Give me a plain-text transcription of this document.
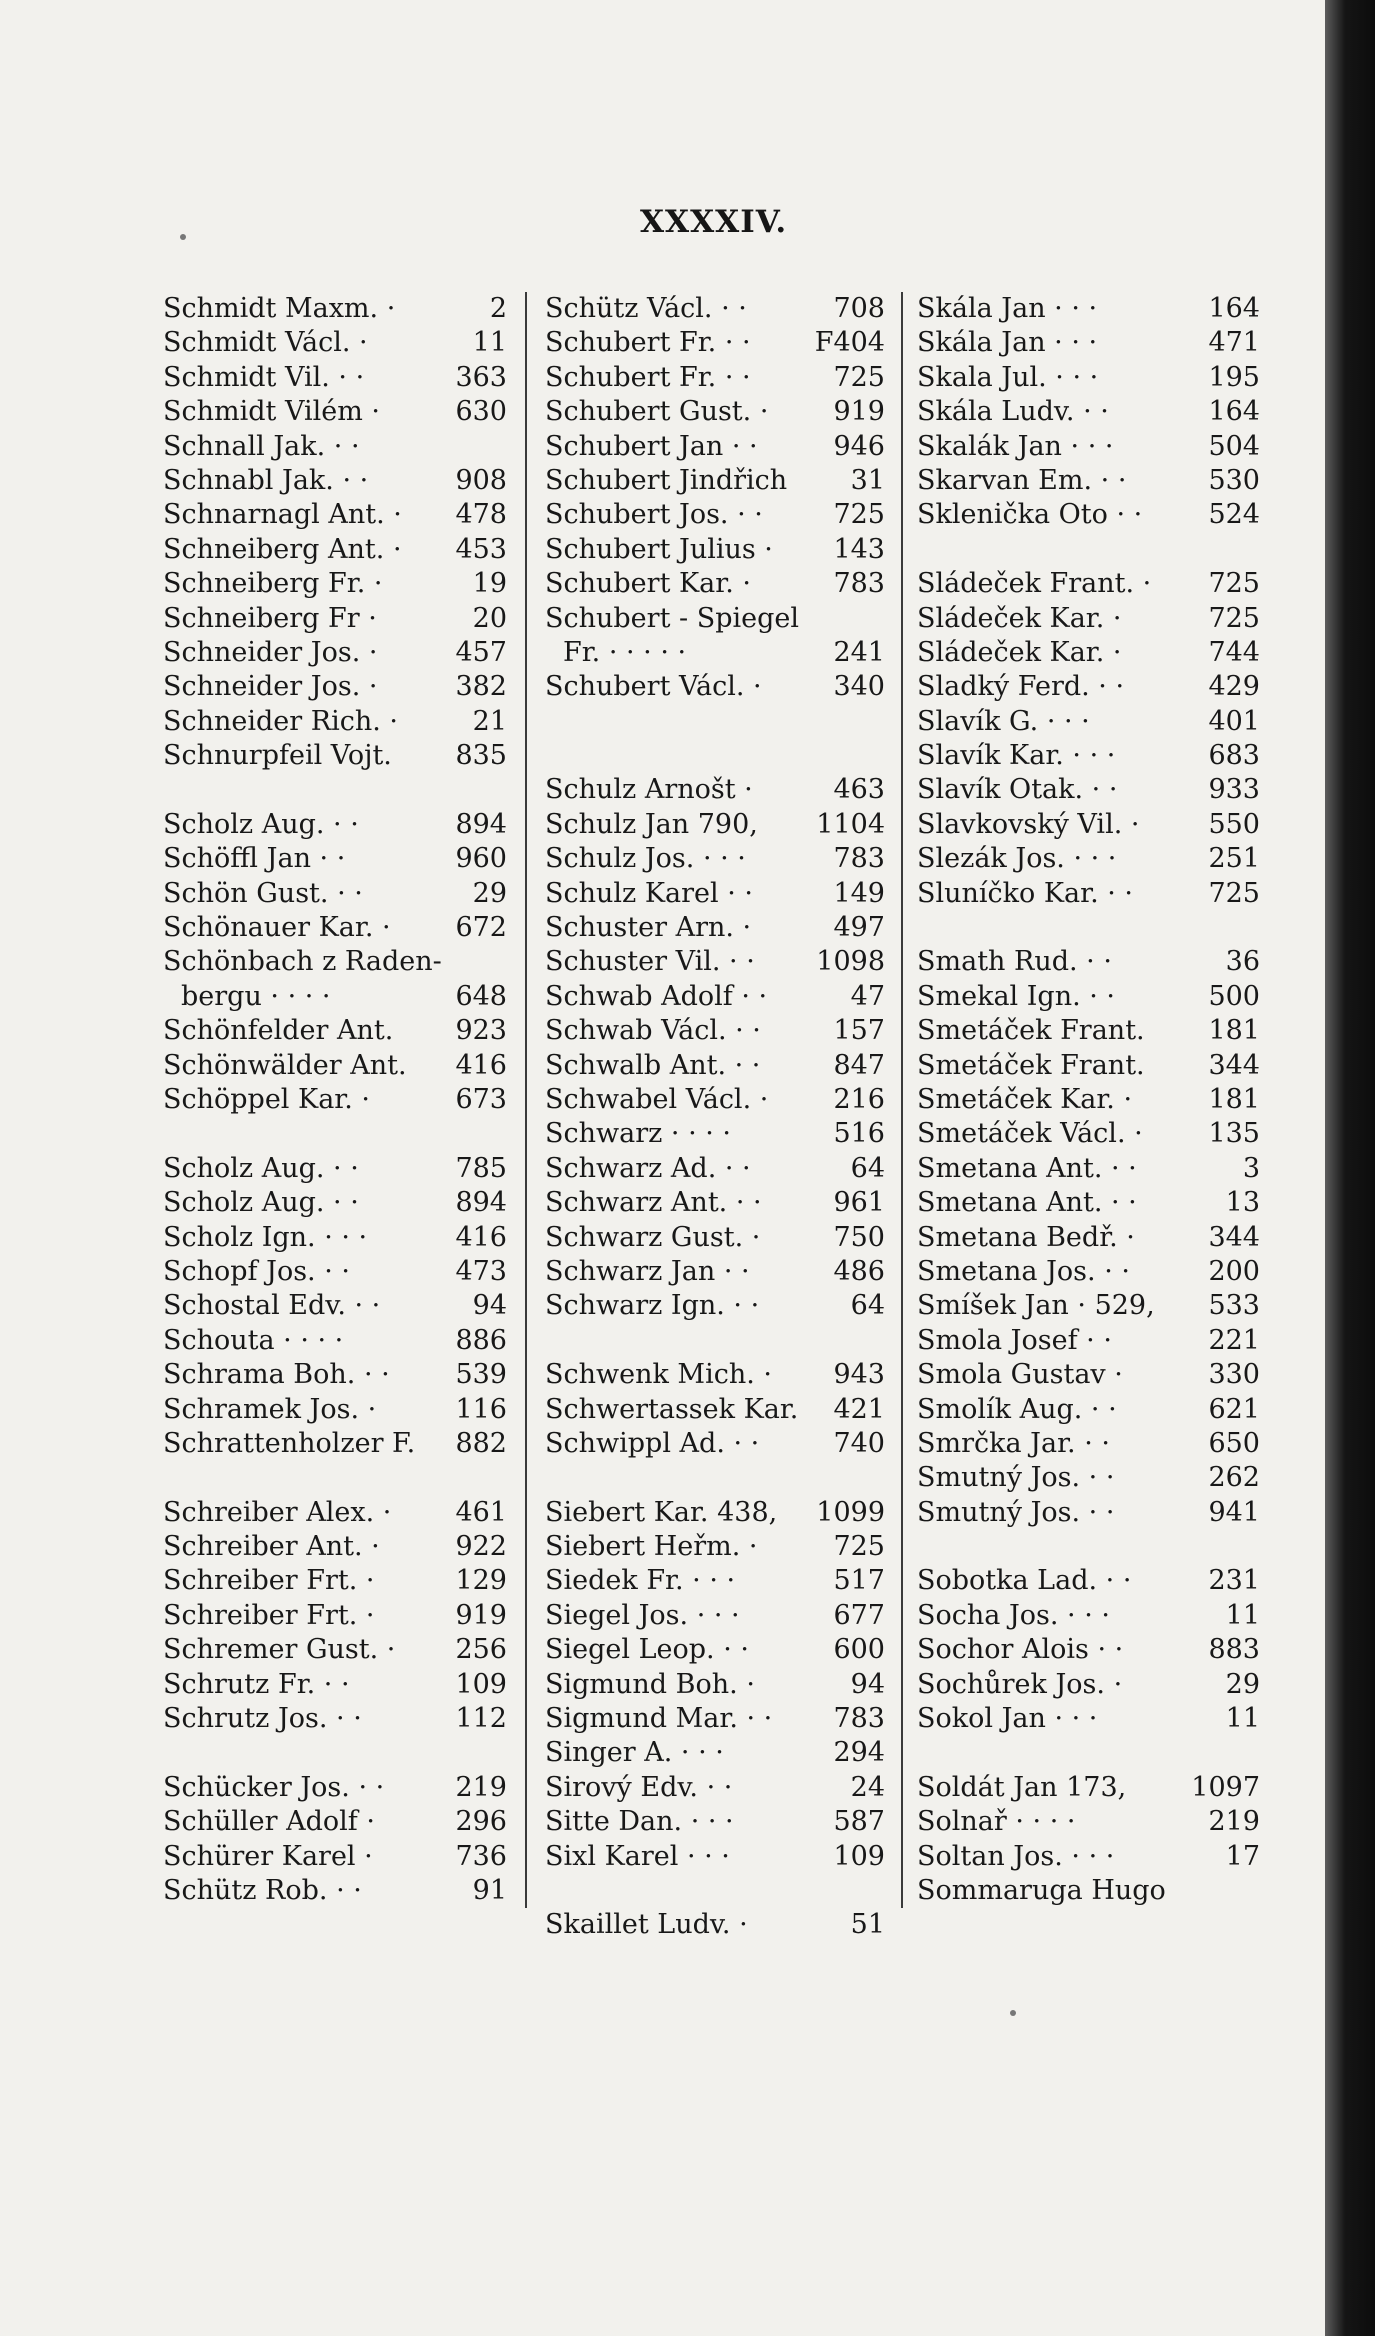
XXXXIV.
Schmidt Maxm. ·	2
Schmidt Václ. ·	11
Schmidt Vil. · ·	363
Schmidt Vilém ·	630
Schnall Jak. · ·
Schnabl Jak. · ·	908
Schnarnagl Ant. ·	478
Schneiberg Ant. ·	453
Schneiberg Fr. ·	19
Schneiberg Fr ·	20
Schneider Jos. ·	457
Schneider Jos. ·	382
Schneider Rich. ·	21
Schnurpfeil Vojt.	835
Scholz Aug. · ·	894
Schöffl Jan · ·	960
Schön Gust. · ·	29
Schönauer Kar. ·	672
Schönbach z Raden-
bergu · · · ·	648
Schönfelder Ant.	923
Schönwälder Ant.	416
Schöppel Kar. ·	673
Scholz Aug. · ·	785
Scholz Aug. · ·	894
Scholz Ign. · · ·	416
Schopf Jos. · ·	473
Schostal Edv. · ·	94
Schouta · · · ·	886
Schrama Boh. · ·	539
Schramek Jos. ·	116
Schrattenholzer F.	882
Schreiber Alex. ·	461
Schreiber Ant. ·	922
Schreiber Frt. ·	129
Schreiber Frt. ·	919
Schremer Gust. ·	256
Schrutz Fr. · ·	109
Schrutz Jos. · ·	112
Schücker Jos. · ·	219
Schüller Adolf ·	296
Schürer Karel ·	736
Schütz Rob. · ·	91
Schütz Václ. · ·	708
Schubert Fr. · ·	F404
Schubert Fr. · ·	725
Schubert Gust. ·	919
Schubert Jan · ·	946
Schubert Jindřich	31
Schubert Jos. · ·	725
Schubert Julius ·	143
Schubert Kar. ·	783
Schubert - Spiegel
Fr. · · · · ·	241
Schubert Václ. ·	340
Schulz Arnošt ·	463
Schulz Jan 790,	1104
Schulz Jos. · · ·	783
Schulz Karel · ·	149
Schuster Arn. ·	497
Schuster Vil. · ·	1098
Schwab Adolf · ·	47
Schwab Václ. · ·	157
Schwalb Ant. · ·	847
Schwabel Václ. ·	216
Schwarz · · · ·	516
Schwarz Ad. · ·	64
Schwarz Ant. · ·	961
Schwarz Gust. ·	750
Schwarz Jan · ·	486
Schwarz Ign. · ·	64
Schwenk Mich. ·	943
Schwertassek Kar.	421
Schwippl Ad. · ·	740
Siebert Kar. 438,	1099
Siebert Heřm. ·	725
Siedek Fr. · · ·	517
Siegel Jos. · · ·	677
Siegel Leop. · ·	600
Sigmund Boh. ·	94
Sigmund Mar. · ·	783
Singer A. · · ·	294
Sirový Edv. · ·	24
Sitte Dan. · · ·	587
Sixl Karel · · ·	109
Skaillet Ludv. ·	51
Skála Jan · · ·	164
Skála Jan · · ·	471
Skala Jul. · · ·	195
Skála Ludv. · ·	164
Skalák Jan · · ·	504
Skarvan Em. · ·	530
Sklenička Oto · ·	524
Sládeček Frant. ·	725
Sládeček Kar. ·	725
Sládeček Kar. ·	744
Sladký Ferd. · ·	429
Slavík G. · · ·	401
Slavík Kar. · · ·	683
Slavík Otak. · ·	933
Slavkovský Vil. ·	550
Slezák Jos. · · ·	251
Sluníčko Kar. · ·	725
Smath Rud. · ·	36
Smekal Ign. · ·	500
Smetáček Frant.	181
Smetáček Frant.	344
Smetáček Kar. ·	181
Smetáček Václ. ·	135
Smetana Ant. · ·	3
Smetana Ant. · ·	13
Smetana Bedř. ·	344
Smetana Jos. · ·	200
Smíšek Jan · 529,	533
Smola Josef · ·	221
Smola Gustav ·	330
Smolík Aug. · ·	621
Smrčka Jar. · ·	650
Smutný Jos. · ·	262
Smutný Jos. · ·	941
Sobotka Lad. · ·	231
Socha Jos. · · ·	11
Sochor Alois · ·	883
Sochůrek Jos. ·	29
Sokol Jan · · ·	11
Soldát Jan 173,	1097
Solnař · · · ·	219
Soltan Jos. · · ·	17
Sommaruga Hugo
